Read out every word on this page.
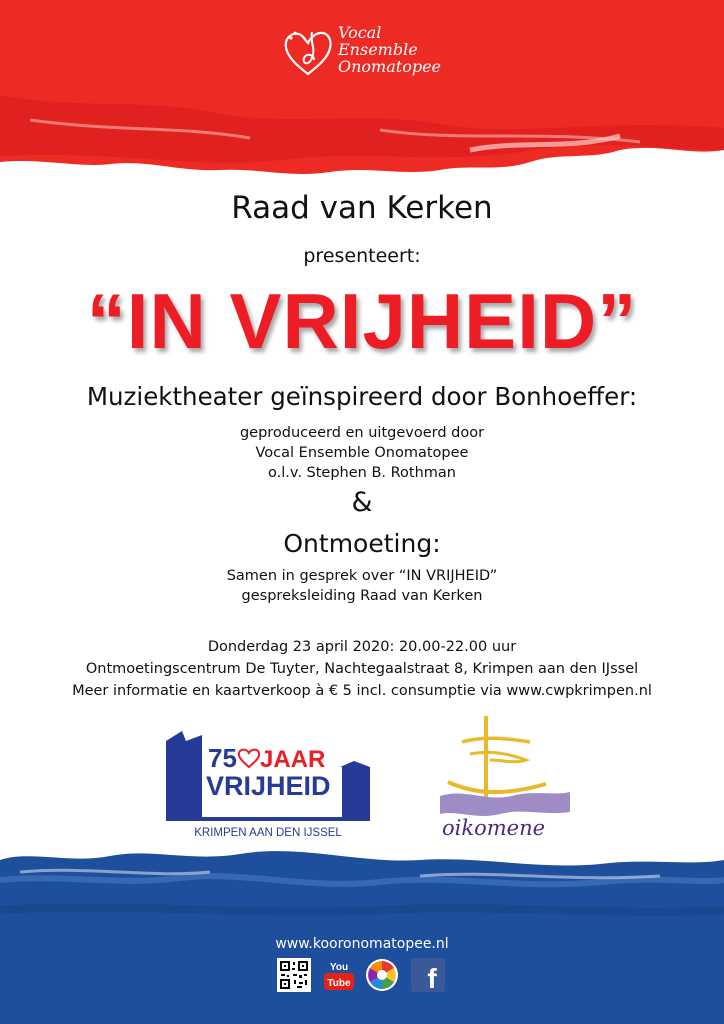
Vocal
Ensemble
Onomatopee
Raad van Kerken
presenteert:
“IN VRIJHEID”
Muziektheater geïnspireerd door Bonhoeffer:
geproduceerd en uitgevoerd door
Vocal Ensemble Onomatopee
o.l.v. Stephen B. Rothman
&
Ontmoeting:
Samen in gesprek over “IN VRIJHEID”
gespreksleiding Raad van Kerken
Donderdag 23 april 2020: 20.00-22.00 uur
Ontmoetingscentrum De Tuyter, Nachtegaalstraat 8, Krimpen aan den IJssel
Meer informatie en kaartverkoop à € 5 incl. consumptie via www.cwpkrimpen.nl
75 JAAR
VRIJHEID
KRIMPEN AAN DEN IJSSEL	oikomene
www.kooronomatopee.nl
You
Tube	f
